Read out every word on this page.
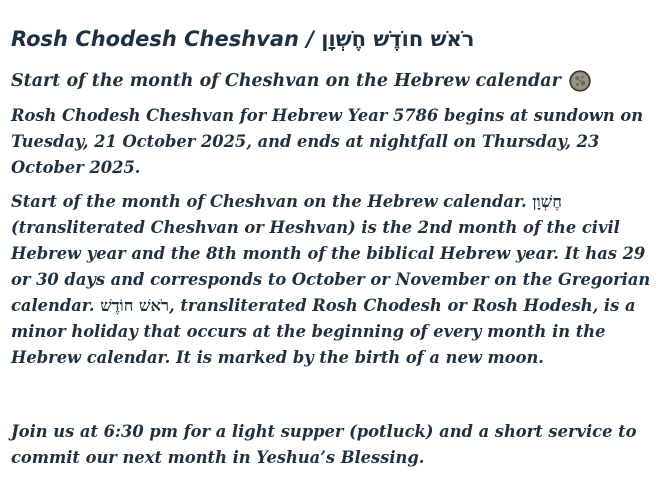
Rosh Chodesh Cheshvan / רֹאשׁ חוֹדֶשׁ חֶשְׁוָן
Start of the month of Cheshvan on the Hebrew calendar

Rosh Chodesh Cheshvan for Hebrew Year 5786 begins at sundown on Tuesday, 21 October 2025, and ends at nightfall on Thursday, 23 October 2025.

Start of the month of Cheshvan on the Hebrew calendar. חֶשְׁוָן (transliterated Cheshvan or Heshvan) is the 2nd month of the civil Hebrew year and the 8th month of the biblical Hebrew year. It has 29 or 30 days and corresponds to October or November on the Gregorian calendar. רֹאשׁ חוֹדֶשׁ, transliterated Rosh Chodesh or Rosh Hodesh, is a minor holiday that occurs at the beginning of every month in the Hebrew calendar. It is marked by the birth of a new moon.

Join us at 6:30 pm for a light supper (potluck) and a short service to commit our next month in Yeshua’s Blessing.
